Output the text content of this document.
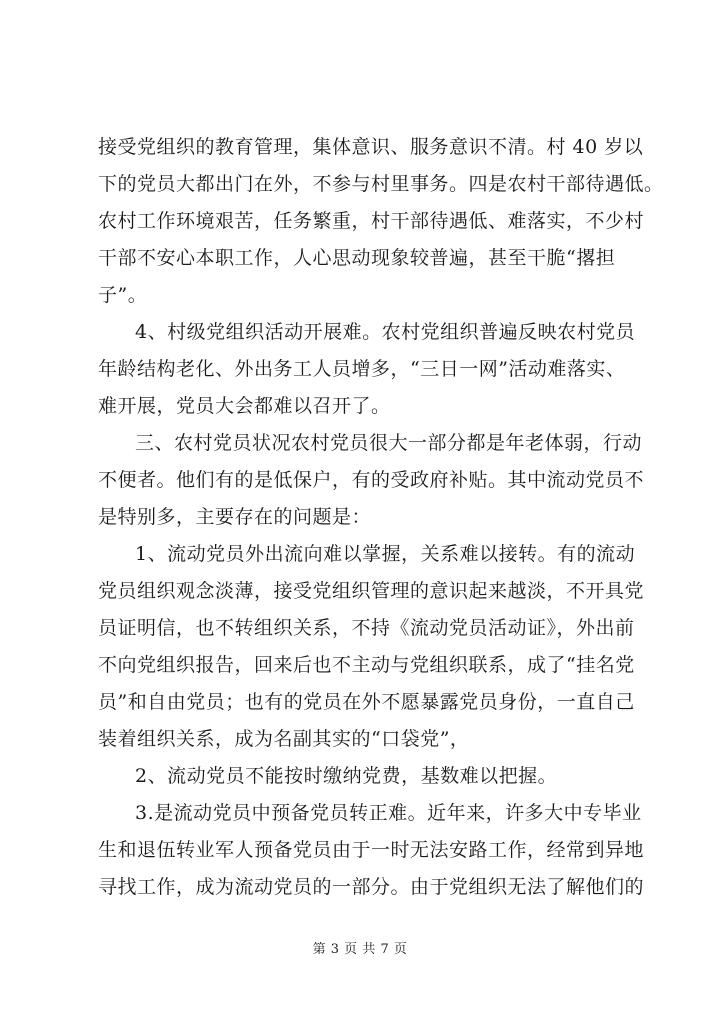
接受党组织的教育管理，集体意识、服务意识不清。村 40 岁以
下的党员大都出门在外，不参与村里事务。四是农村干部待遇低。
农村工作环境艰苦，任务繁重，村干部待遇低、难落实，不少村
干部不安心本职工作，人心思动现象较普遍，甚至干脆“撂担
子”。
4、村级党组织活动开展难。农村党组织普遍反映农村党员
年龄结构老化、外出务工人员增多，“三日一网”活动难落实、
难开展，党员大会都难以召开了。
三、农村党员状况农村党员很大一部分都是年老体弱，行动
不便者。他们有的是低保户，有的受政府补贴。其中流动党员不
是特别多，主要存在的问题是：
1、流动党员外出流向难以掌握，关系难以接转。有的流动
党员组织观念淡薄，接受党组织管理的意识起来越淡，不开具党
员证明信，也不转组织关系，不持《流动党员活动证》，外出前
不向党组织报告，回来后也不主动与党组织联系，成了“挂名党
员”和自由党员；也有的党员在外不愿暴露党员身份，一直自己
装着组织关系，成为名副其实的“口袋党”，
2、流动党员不能按时缴纳党费，基数难以把握。
3.是流动党员中预备党员转正难。近年来，许多大中专毕业
生和退伍转业军人预备党员由于一时无法安路工作，经常到异地
寻找工作，成为流动党员的一部分。由于党组织无法了解他们的
第 3 页 共 7 页
